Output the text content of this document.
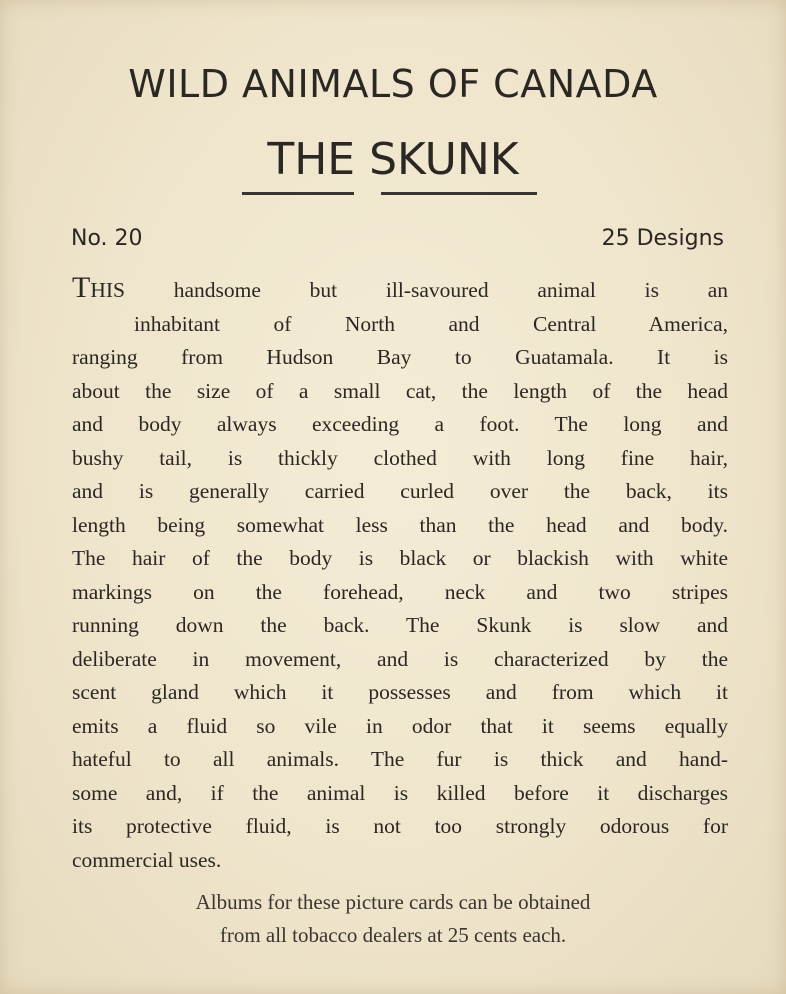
WILD ANIMALS OF CANADA
THE SKUNK
No. 20	25 Designs
THIS handsome but ill-savoured animal is an
inhabitant of North and Central America,
ranging from Hudson Bay to Guatamala. It is
about the size of a small cat, the length of the head
and body always exceeding a foot. The long and
bushy tail, is thickly clothed with long fine hair,
and is generally carried curled over the back, its
length being somewhat less than the head and body.
The hair of the body is black or blackish with white
markings on the forehead, neck and two stripes
running down the back. The Skunk is slow and
deliberate in movement, and is characterized by the
scent gland which it possesses and from which it
emits a fluid so vile in odor that it seems equally
hateful to all animals. The fur is thick and hand-
some and, if the animal is killed before it discharges
its protective fluid, is not too strongly odorous for
commercial uses.
Albums for these picture cards can be obtained
from all tobacco dealers at 25 cents each.
